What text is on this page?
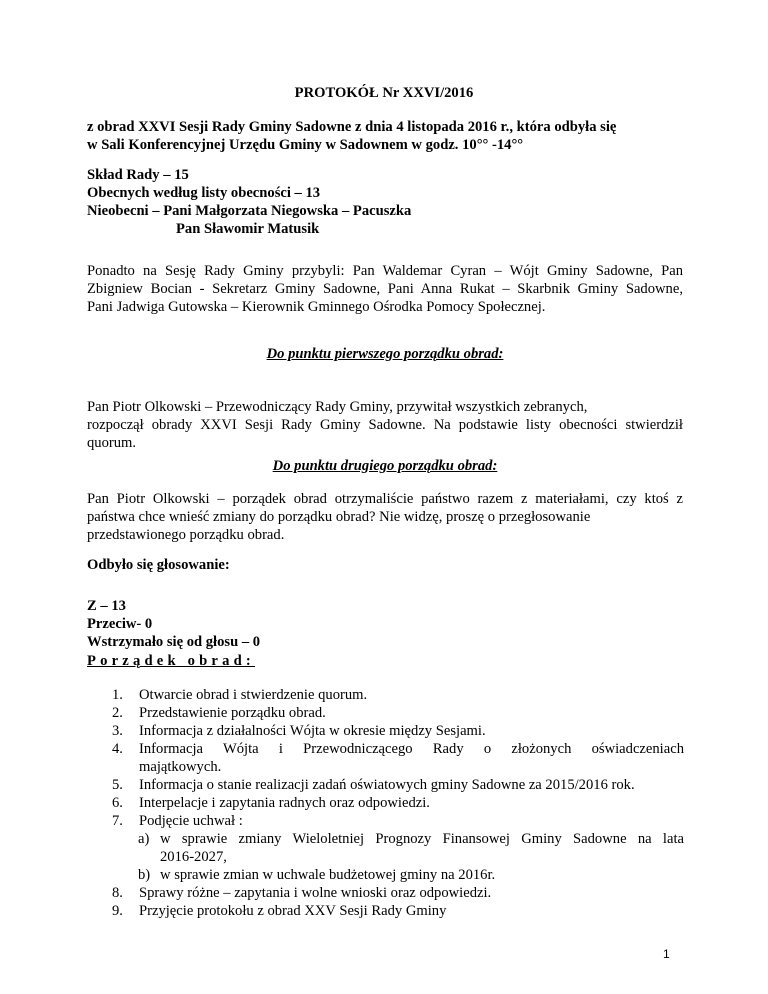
PROTOKÓŁ Nr XXVI/2016
z obrad XXVI Sesji Rady Gminy Sadowne z dnia 4 listopada 2016 r., która odbyła się
w Sali Konferencyjnej Urzędu Gminy w Sadownem w godz. 10°° -14°°
Skład Rady – 15
Obecnych według listy obecności – 13
Nieobecni – Pani Małgorzata Niegowska – Pacuszka
Pan Sławomir Matusik
Ponadto na Sesję Rady Gminy przybyli: Pan Waldemar Cyran – Wójt Gminy Sadowne, Pan
Zbigniew Bocian - Sekretarz Gminy Sadowne, Pani Anna Rukat – Skarbnik Gminy Sadowne,
Pani Jadwiga Gutowska – Kierownik Gminnego Ośrodka Pomocy Społecznej.
Do punktu pierwszego porządku obrad:
Pan Piotr Olkowski – Przewodniczący Rady Gminy, przywitał wszystkich zebranych,
rozpoczął obrady XXVI Sesji Rady Gminy Sadowne. Na podstawie listy obecności stwierdził
quorum.
Do punktu drugiego porządku obrad:
Pan Piotr Olkowski – porządek obrad otrzymaliście państwo razem z materiałami, czy ktoś z
państwa chce wnieść zmiany do porządku obrad? Nie widzę, proszę o przegłosowanie
przedstawionego porządku obrad.
Odbyło się głosowanie:
Z – 13
Przeciw- 0
Wstrzymało się od głosu – 0
Porządek obrad:
1. Otwarcie obrad i stwierdzenie quorum.
2. Przedstawienie porządku obrad.
3. Informacja z działalności Wójta w okresie między Sesjami.
4. Informacja Wójta i Przewodniczącego Rady o złożonych oświadczeniach
majątkowych.
5. Informacja o stanie realizacji zadań oświatowych gminy Sadowne za 2015/2016 rok.
6. Interpelacje i zapytania radnych oraz odpowiedzi.
7. Podjęcie uchwał :
a) w sprawie zmiany Wieloletniej Prognozy Finansowej Gminy Sadowne na lata
2016-2027,
b) w sprawie zmian w uchwale budżetowej gminy na 2016r.
8. Sprawy różne – zapytania i wolne wnioski oraz odpowiedzi.
9. Przyjęcie protokołu z obrad XXV Sesji Rady Gminy
1
